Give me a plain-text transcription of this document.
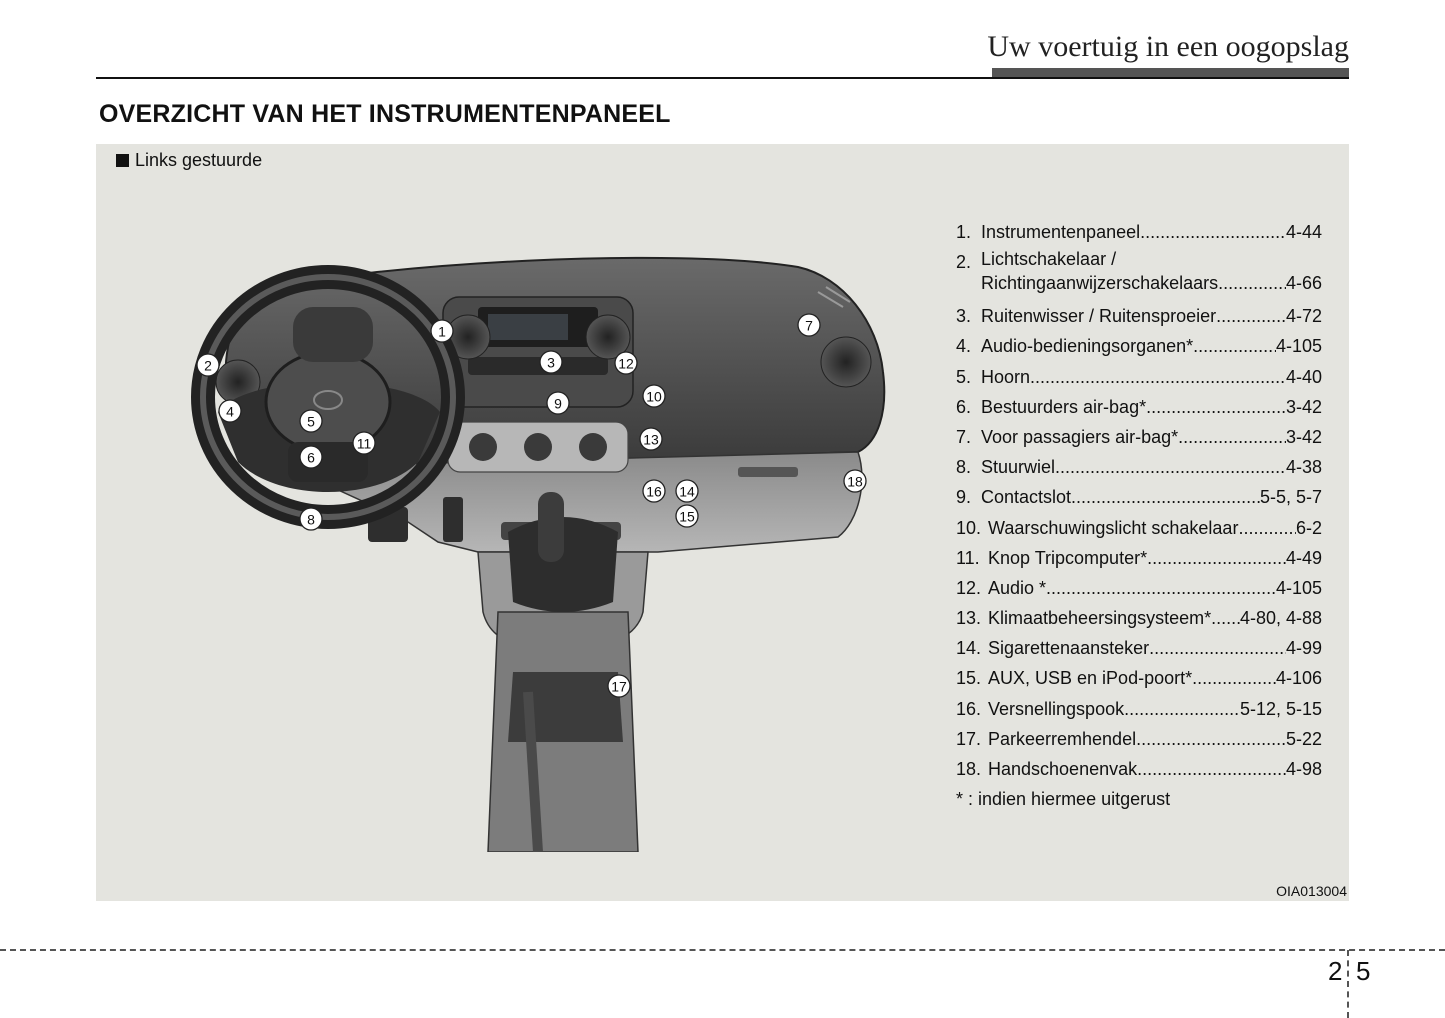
Uw voertuig in een oogopslag
OVERZICHT VAN HET INSTRUMENTENPANEEL
Links gestuurde
1
2	3
4
5
6
7
8
9	10
11
12
13
14
15
16
17
18
1. Instrumentenpaneel .....	4-44
2. Lichtschakelaar /
Richtingaanwijzerschakelaars .....	4-66
3. Ruitenwisser / Ruitensproeier .....	4-72
4. Audio-bedieningsorganen* .....	4-105
5. Hoorn .....	4-40
6. Bestuurders air-bag* .....	3-42
7. Voor passagiers air-bag* .....	3-42
8. Stuurwiel .....	4-38
9. Contactslot .....	5-5, 5-7
10. Waarschuwingslicht schakelaar .....	6-2
11. Knop Tripcomputer* .....	4-49
12. Audio * .....	4-105
13. Klimaatbeheersingsysteem* ..... 4-80, 4-88
14. Sigarettenaansteker .....	4-99
15. AUX, USB en iPod-poort* .....	4-106
16. Versnellingspook .....	5-12, 5-15
17. Parkeerremhendel .....	5-22
18. Handschoenenvak .....	4-98
* : indien hiermee uitgerust
OIA013004
2 5
